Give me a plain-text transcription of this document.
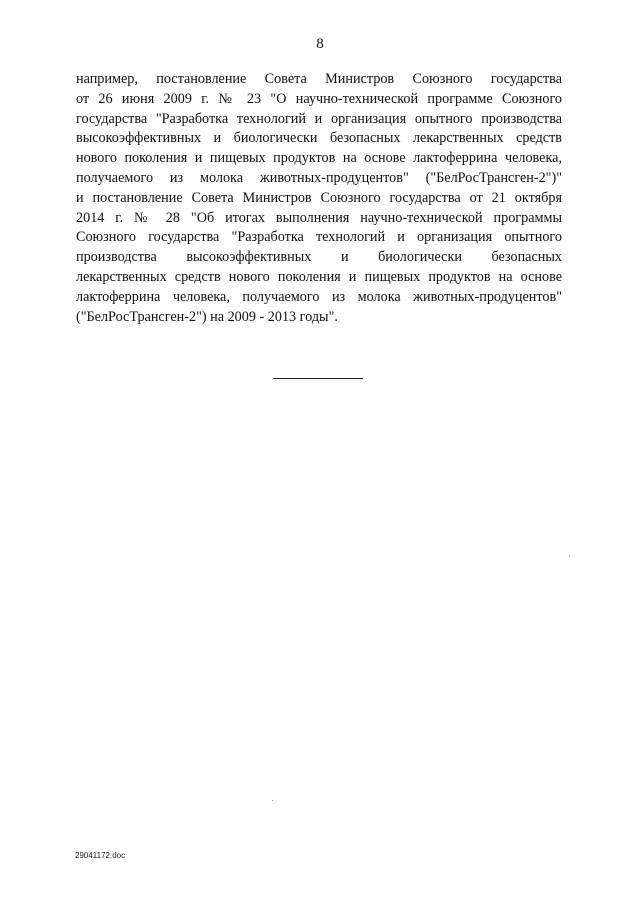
8
например, постановление Совета Министров Союзного государства
от 26 июня 2009 г. № 23 "О научно-технической программе Союзного
государства "Разработка технологий и организация опытного производства
высокоэффективных и биологически безопасных лекарственных средств
нового поколения и пищевых продуктов на основе лактоферрина человека,
получаемого из молока животных-продуцентов" ("БелРосТрансген-2")"
и постановление Совета Министров Союзного государства от 21 октября
2014 г. № 28 "Об итогах выполнения научно-технической программы
Союзного государства "Разработка технологий и организация опытного
производства высокоэффективных и биологически безопасных
лекарственных средств нового поколения и пищевых продуктов на основе
лактоферрина человека, получаемого из молока животных-продуцентов"
("БелРосТрансген-2") на 2009 - 2013 годы".
29041172.doc
